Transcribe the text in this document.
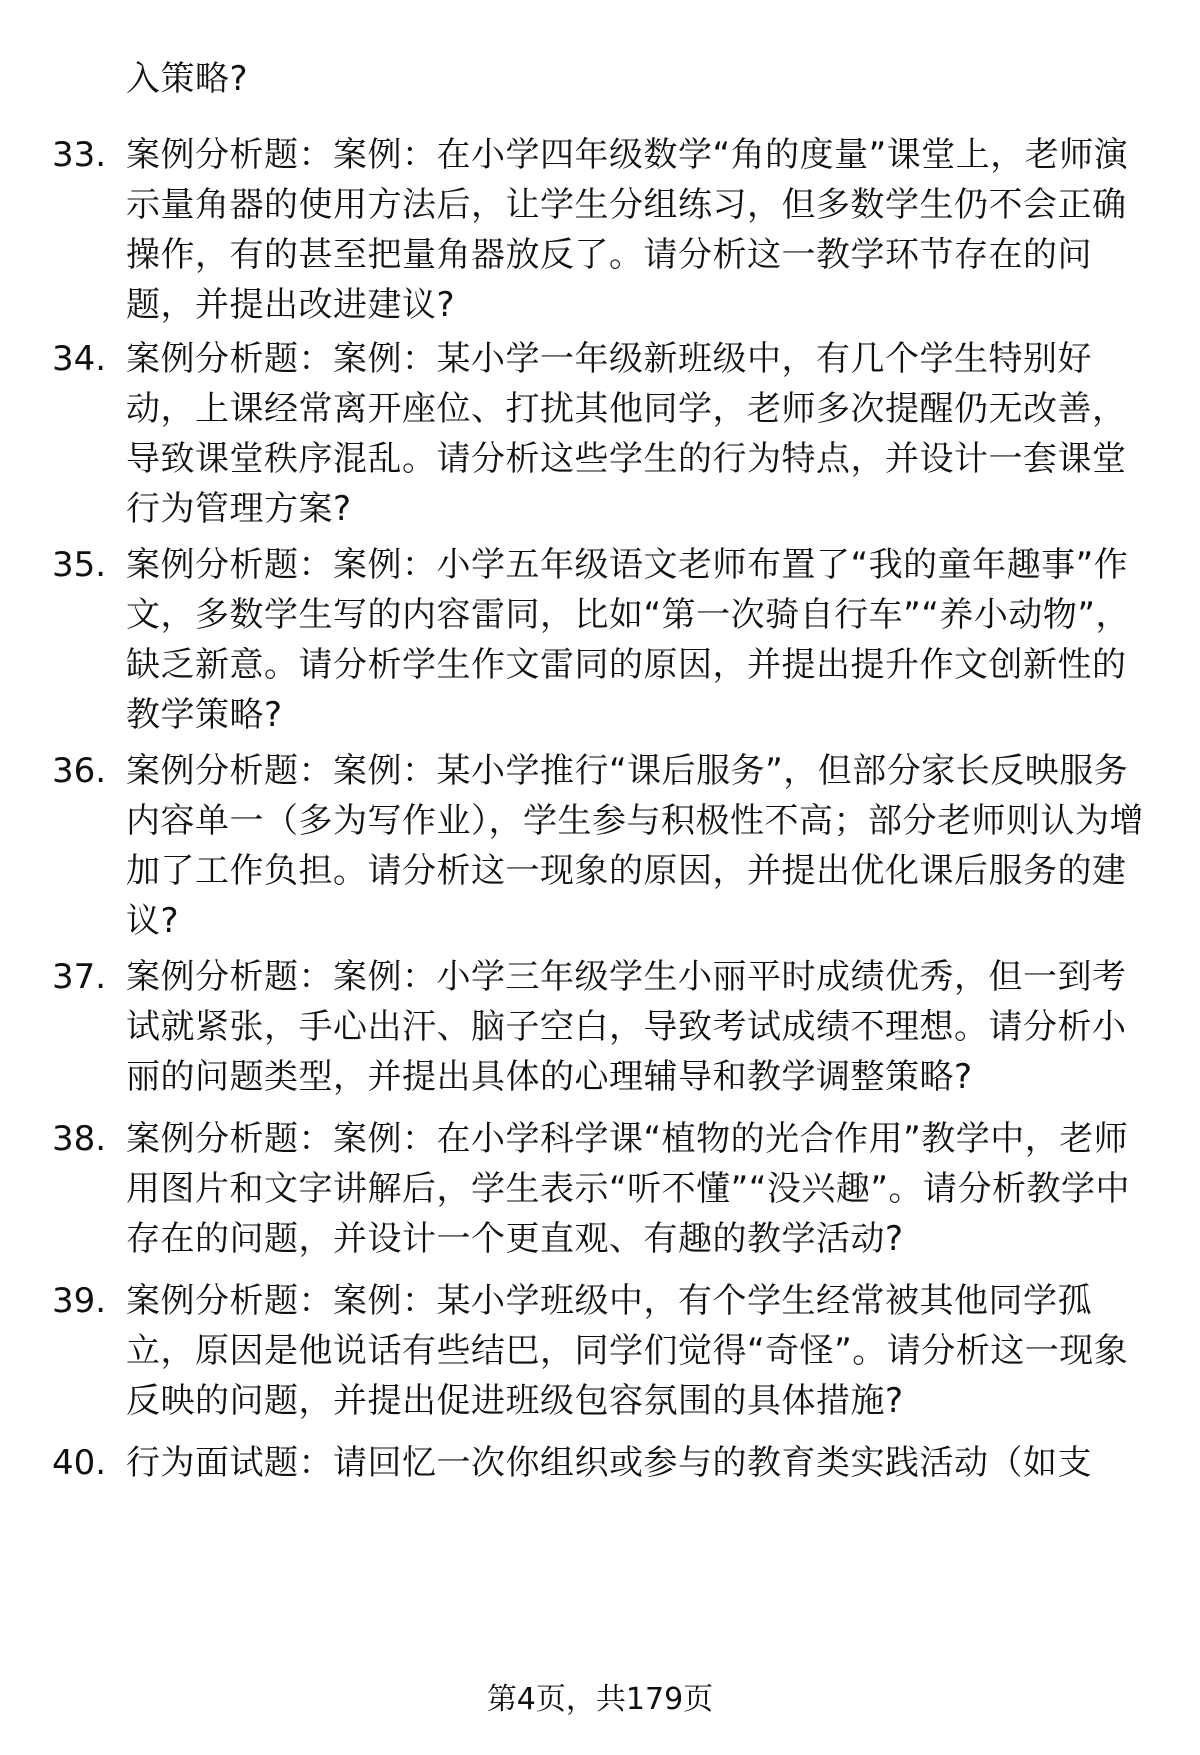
入策略?
33. 案例分析题：案例：在小学四年级数学“角的度量”课堂上，老师演示量角器的使用方法后，让学生分组练习，但多数学生仍不会正确操作，有的甚至把量角器放反了。请分析这一教学环节存在的问题，并提出改进建议?
34. 案例分析题：案例：某小学一年级新班级中，有几个学生特别好动，上课经常离开座位、打扰其他同学，老师多次提醒仍无改善，导致课堂秩序混乱。请分析这些学生的行为特点，并设计一套课堂行为管理方案?
35. 案例分析题：案例：小学五年级语文老师布置了“我的童年趣事”作文，多数学生写的内容雷同，比如“第一次骑自行车”“养小动物”，缺乏新意。请分析学生作文雷同的原因，并提出提升作文创新性的教学策略?
36. 案例分析题：案例：某小学推行“课后服务”，但部分家长反映服务内容单一（多为写作业），学生参与积极性不高；部分老师则认为增加了工作负担。请分析这一现象的原因，并提出优化课后服务的建议?
37. 案例分析题：案例：小学三年级学生小丽平时成绩优秀，但一到考试就紧张，手心出汗、脑子空白，导致考试成绩不理想。请分析小丽的问题类型，并提出具体的心理辅导和教学调整策略?
38. 案例分析题：案例：在小学科学课“植物的光合作用”教学中，老师用图片和文字讲解后，学生表示“听不懂”“没兴趣”。请分析教学中存在的问题，并设计一个更直观、有趣的教学活动?
39. 案例分析题：案例：某小学班级中，有个学生经常被其他同学孤立，原因是他说话有些结巴，同学们觉得“奇怪”。请分析这一现象反映的问题，并提出促进班级包容氛围的具体措施?
40. 行为面试题：请回忆一次你组织或参与的教育类实践活动（如支
第4页，共179页
